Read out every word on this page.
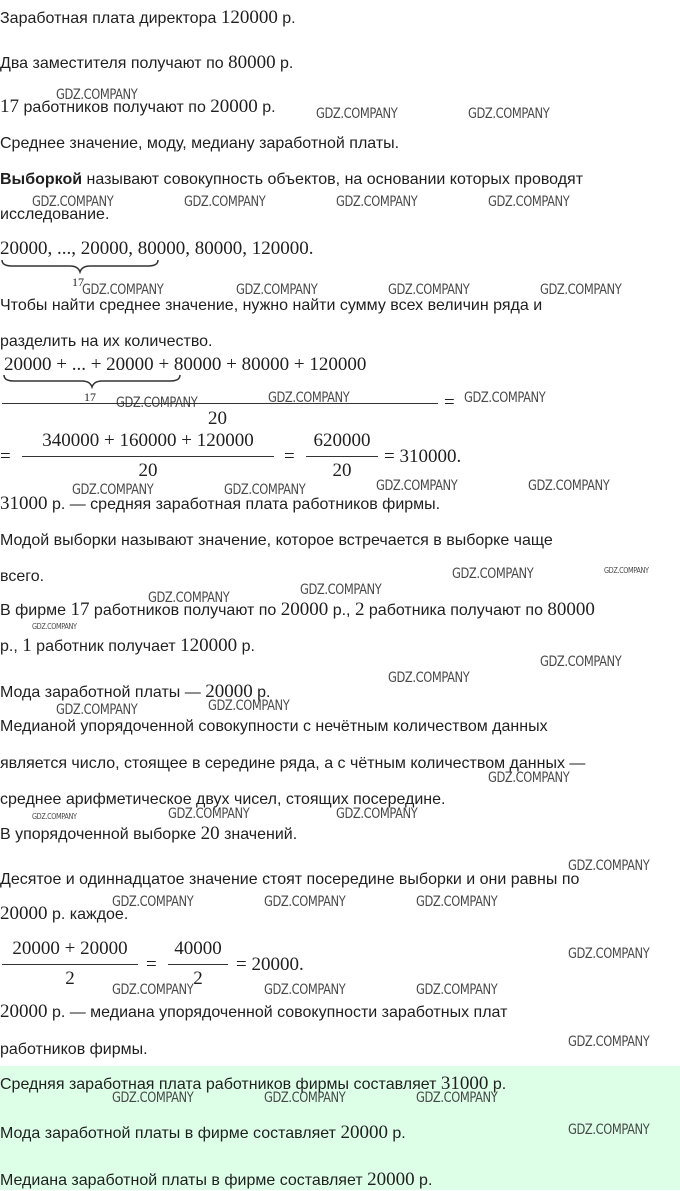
Заработная плата директора 120000 р.
Два заместителя получают по 80000 р.
17 работников получают по 20000 р.
Среднее значение, моду, медиану заработной платы.
Выборкой называют совокупность объектов, на основании которых проводят
исследование.
20000, ..., 20000, 80000, 80000, 120000.
17
Чтобы найти среднее значение, нужно найти сумму всех величин ряда и
разделить на их количество.
20000 + ... + 20000 + 80000 + 80000 + 120000
17
20
=
=
340000 + 160000 + 120000
20
=
620000
20
= 310000.
31000 р. — средняя заработная плата работников фирмы.
Модой выборки называют значение, которое встречается в выборке чаще
всего.
В фирме 17 работников получают по 20000 р., 2 работника получают по 80000
р., 1 работник получает 120000 р.
Мода заработной платы — 20000 р.
Медианой упорядоченной совокупности с нечётным количеством данных
является число, стоящее в середине ряда, а с чётным количеством данных —
среднее арифметическое двух чисел, стоящих посередине.
В упорядоченной выборке 20 значений.
Десятое и одиннадцатое значение стоят посередине выборки и они равны по
20000 р. каждое.
20000 + 20000
2
=
40000
2
= 20000.
20000 р. — медиана упорядоченной совокупности заработных плат
работников фирмы.
Средняя заработная плата работников фирмы составляет 31000 р.
Мода заработной платы в фирме составляет 20000 р.
Медиана заработной платы в фирме составляет 20000 р.
GDZ.COMPANY
GDZ.COMPANY	GDZ.COMPANY
GDZ.COMPANY	GDZ.COMPANY	GDZ.COMPANY	GDZ.COMPANY
GDZ.COMPANY	GDZ.COMPANY	GDZ.COMPANY	GDZ.COMPANY
GDZ.COMPANY	GDZ.COMPANY	GDZ.COMPANY
GDZ.COMPANY	GDZ.COMPANY	GDZ.COMPANY	GDZ.COMPANY
GDZ.COMPANY	GDZ.COMPANY
GDZ.COMPANY
GDZ.COMPANY
GDZ.COMPANY
GDZ.COMPANY
GDZ.COMPANY
GDZ.COMPANY	GDZ.COMPANY
GDZ.COMPANY
GDZ.COMPANY	GDZ.COMPANY	GDZ.COMPANY
GDZ.COMPANY
GDZ.COMPANY	GDZ.COMPANY	GDZ.COMPANY
GDZ.COMPANY
GDZ.COMPANY	GDZ.COMPANY	GDZ.COMPANY
GDZ.COMPANY
GDZ.COMPANY	GDZ.COMPANY	GDZ.COMPANY
GDZ.COMPANY
